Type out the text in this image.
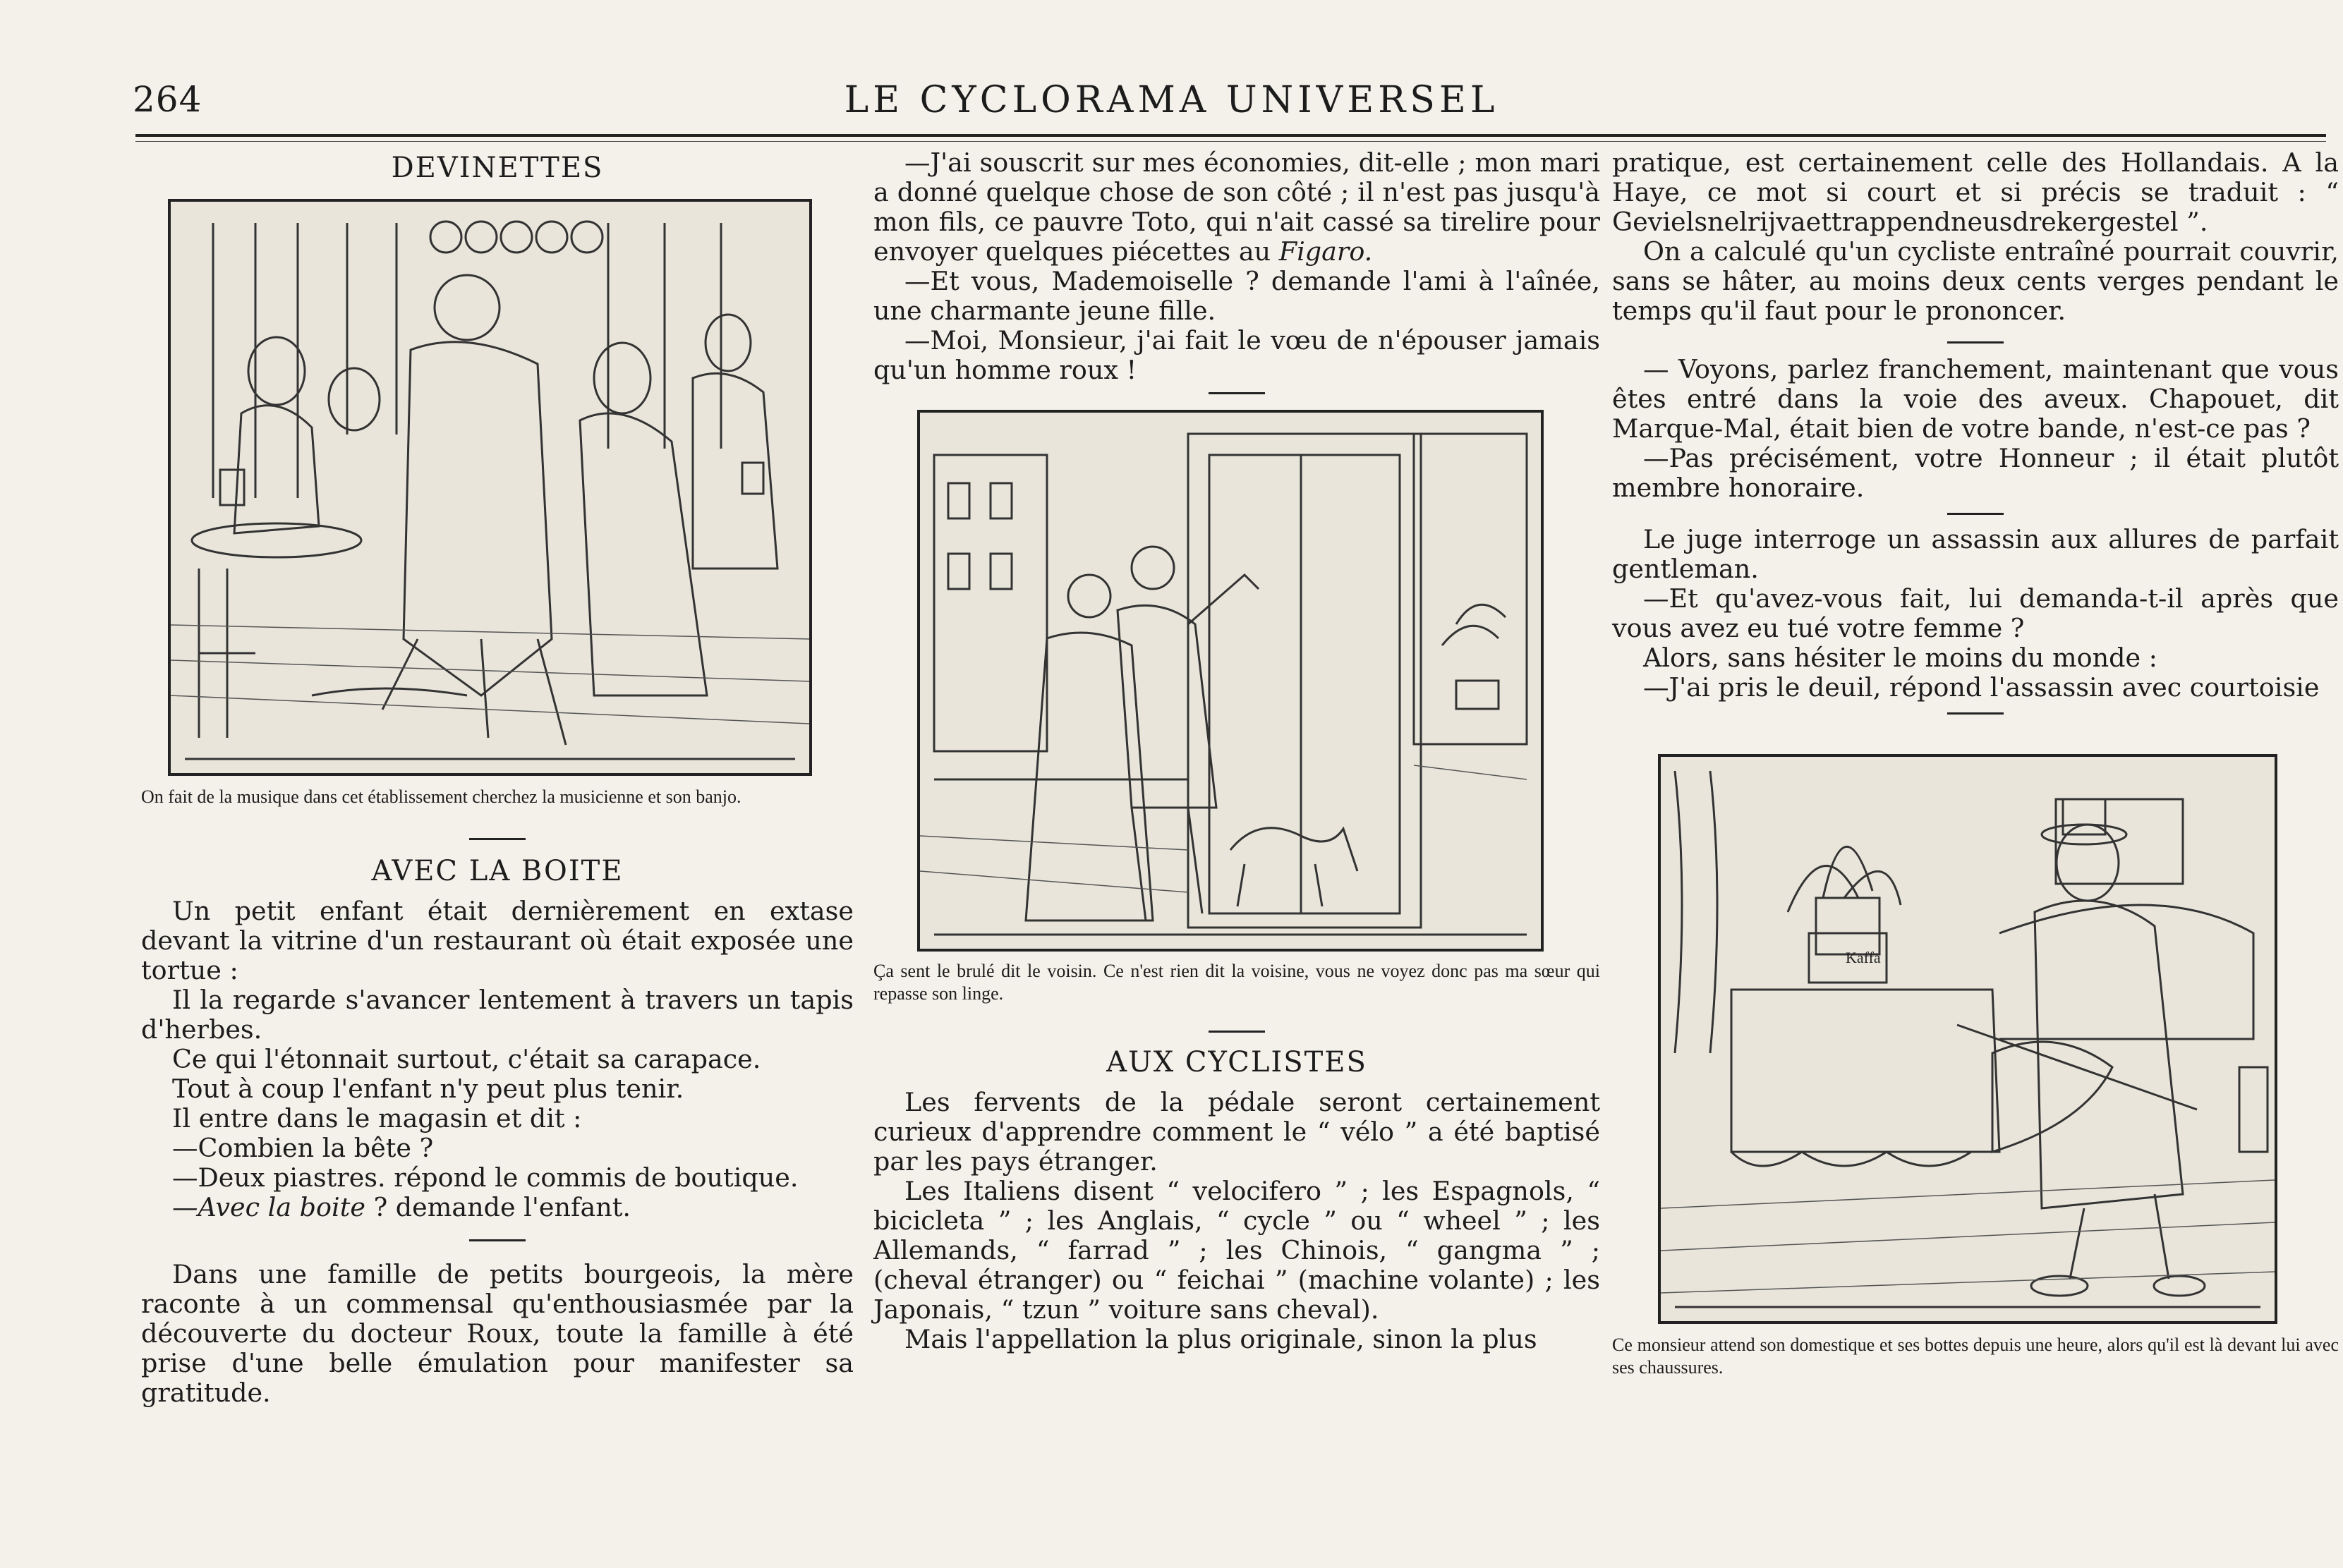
264	LE CYCLORAMA UNIVERSEL
DEVINETTES

On fait de la musique dans cet établissement cherchez la musicienne et son banjo.

AVEC LA BOITE

Un petit enfant était dernièrement en extase devant la vitrine d'un restaurant où était exposée une tortue :

Il la regarde s'avancer lentement à travers un tapis d'herbes.

Ce qui l'étonnait surtout, c'était sa carapace.

Tout à coup l'enfant n'y peut plus tenir.

Il entre dans le magasin et dit :

—Combien la bête ?

—Deux piastres. répond le commis de boutique.

—Avec la boite ? demande l'enfant.

Dans une famille de petits bourgeois, la mère raconte à un commensal qu'enthousiasmée par la découverte du docteur Roux, toute la famille à été prise d'une belle émulation pour manifester sa gratitude.

—J'ai souscrit sur mes économies, dit-elle ; mon mari a donné quelque chose de son côté ; il n'est pas jusqu'à mon fils, ce pauvre Toto, qui n'ait cassé sa tirelire pour envoyer quelques piécettes au Figaro.

—Et vous, Mademoiselle ? demande l'ami à l'aînée, une charmante jeune fille.

—Moi, Monsieur, j'ai fait le vœu de n'épouser jamais qu'un homme roux !

Ça sent le brulé dit le voisin. Ce n'est rien dit la voisine, vous ne voyez donc pas ma sœur qui repasse son linge.

AUX CYCLISTES

Les fervents de la pédale seront certainement curieux d'apprendre comment le “ vélo ” a été baptisé par les pays étranger.

Les Italiens disent “ velocifero ” ; les Espagnols, “ bicicleta ” ; les Anglais, “ cycle ” ou “ wheel ” ; les Allemands, “ farrad ” ; les Chinois, “ gangma ” ; (cheval étranger) ou “ feichai ” (machine volante) ; les Japonais, “ tzun ” voiture sans cheval).

Mais l'appellation la plus originale, sinon la plus

pratique, est certainement celle des Hollandais. A la Haye, ce mot si court et si précis se traduit : “ Gevielsnelrijvaettrappendneusdrekergestel ”.

On a calculé qu'un cycliste entraîné pourrait couvrir, sans se hâter, au moins deux cents verges pendant le temps qu'il faut pour le prononcer.

— Voyons, parlez franchement, maintenant que vous êtes entré dans la voie des aveux. Chapouet, dit Marque-Mal, était bien de votre bande, n'est-ce pas ?

—Pas précisément, votre Honneur ; il était plutôt membre honoraire.

Le juge interroge un assassin aux allures de parfait gentleman.

—Et qu'avez-vous fait, lui demanda-t-il après que vous avez eu tué votre femme ?

Alors, sans hésiter le moins du monde :

—J'ai pris le deuil, répond l'assassin avec courtoisie

Kaffa

Ce monsieur attend son domestique et ses bottes depuis une heure, alors qu'il est là devant lui avec ses chaussures.
